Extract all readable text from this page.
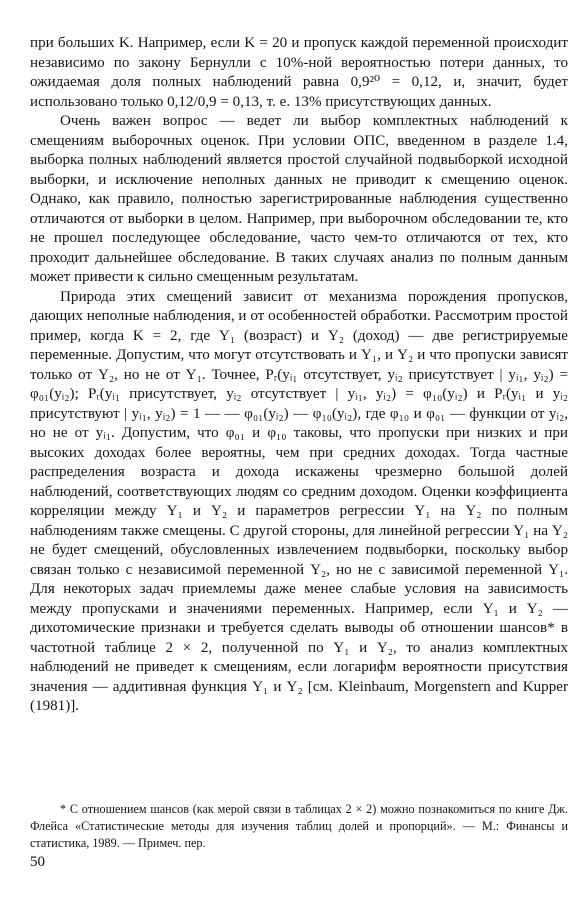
при больших K. Например, если K = 20 и пропуск каждой переменной происходит независимо по закону Бернулли с 10%-ной вероятностью потери данных, то ожидаемая доля полных наблюдений равна 0,9²⁰ = 0,12, и, значит, будет использовано только 0,12/0,9 = 0,13, т. е. 13% присутствующих данных.

Очень важен вопрос — ведет ли выбор комплектных наблюдений к смещениям выборочных оценок. При условии ОПС, введенном в разделе 1.4, выборка полных наблюдений является простой случайной подвыборкой исходной выборки, и исключение неполных данных не приводит к смещению оценок. Однако, как правило, полностью зарегистрированные наблюдения существенно отличаются от выборки в целом. Например, при выборочном обследовании те, кто не прошел последующее обследование, часто чем-то отличаются от тех, кто проходит дальнейшее обследование. В таких случаях анализ по полным данным может привести к сильно смещенным результатам.

Природа этих смещений зависит от механизма порождения пропусков, дающих неполные наблюдения, и от особенностей обработки. Рассмотрим простой пример, когда K = 2, где Y₁ (возраст) и Y₂ (доход) — две регистрируемые переменные. Допустим, что могут отсутствовать и Y₁, и Y₂ и что пропуски зависят только от Y₂, но не от Y₁. Точнее, Pᵣ(yᵢ₁ отсутствует, yᵢ₂ присутствует | yᵢ₁, yᵢ₂) = φ₀₁(yᵢ₂); Pᵣ(yᵢ₁ присутствует, yᵢ₂ отсутствует | yᵢ₁, yᵢ₂) = φ₁₀(yᵢ₂) и Pᵣ(yᵢ₁ и yᵢ₂ присутствуют | yᵢ₁, yᵢ₂) = 1 — — φ₀₁(yᵢ₂) — φ₁₀(yᵢ₂), где φ₁₀ и φ₀₁ — функции от yᵢ₂, но не от yᵢ₁. Допустим, что φ₀₁ и φ₁₀ таковы, что пропуски при низких и при высоких доходах более вероятны, чем при средних доходах. Тогда частные распределения возраста и дохода искажены чрезмерно большой долей наблюдений, соответствующих людям со средним доходом. Оценки коэффициента корреляции между Y₁ и Y₂ и параметров регрессии Y₁ на Y₂ по полным наблюдениям также смещены. С другой стороны, для линейной регрессии Y₁ на Y₂ не будет смещений, обусловленных извлечением подвыборки, поскольку выбор связан только с независимой переменной Y₂, но не с зависимой переменной Y₁. Для некоторых задач приемлемы даже менее слабые условия на зависимость между пропусками и значениями переменных. Например, если Y₁ и Y₂ — дихотомические признаки и требуется сделать выводы об отношении шансов* в частотной таблице 2 × 2, полученной по Y₁ и Y₂, то анализ комплектных наблюдений не приведет к смещениям, если логарифм вероятности присутствия значения — аддитивная функция Y₁ и Y₂ [см. Kleinbaum, Morgenstern and Kupper (1981)].

* С отношением шансов (как мерой связи в таблицах 2 × 2) можно познакомиться по книге Дж. Флейса «Статистические методы для изучения таблиц долей и пропорций». — М.: Финансы и статистика, 1989. — Примеч. пер.
50
